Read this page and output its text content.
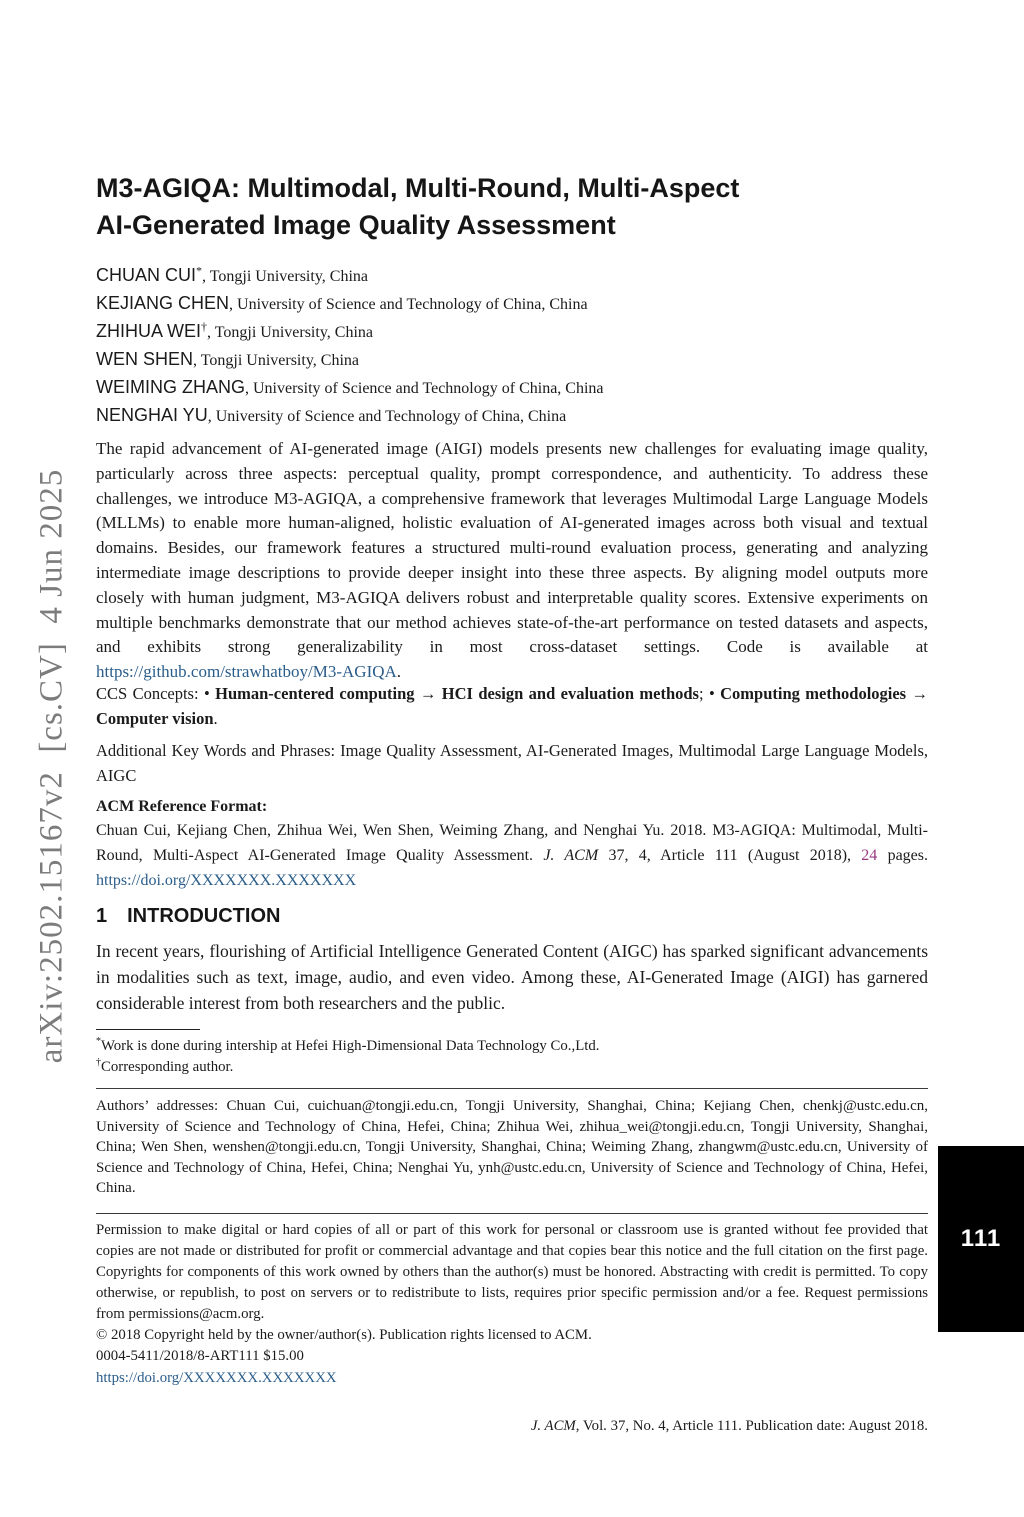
arXiv:2502.15167v2  [cs.CV]  4 Jun 2025
M3-AGIQA: Multimodal, Multi-Round, Multi-Aspect
AI-Generated Image Quality Assessment
CHUAN CUI*, Tongji University, China
KEJIANG CHEN, University of Science and Technology of China, China
ZHIHUA WEI†, Tongji University, China
WEN SHEN, Tongji University, China
WEIMING ZHANG, University of Science and Technology of China, China
NENGHAI YU, University of Science and Technology of China, China
The rapid advancement of AI-generated image (AIGI) models presents new challenges for evaluating image quality, particularly across three aspects: perceptual quality, prompt correspondence, and authenticity. To address these challenges, we introduce M3-AGIQA, a comprehensive framework that leverages Multimodal Large Language Models (MLLMs) to enable more human-aligned, holistic evaluation of AI-generated images across both visual and textual domains. Besides, our framework features a structured multi-round evaluation process, generating and analyzing intermediate image descriptions to provide deeper insight into these three aspects. By aligning model outputs more closely with human judgment, M3-AGIQA delivers robust and interpretable quality scores. Extensive experiments on multiple benchmarks demonstrate that our method achieves state-of-the-art performance on tested datasets and aspects, and exhibits strong generalizability in most cross-dataset settings. Code is available at https://github.com/strawhatboy/M3-AGIQA.
CCS Concepts: • Human-centered computing → HCI design and evaluation methods; • Computing methodologies → Computer vision.
Additional Key Words and Phrases: Image Quality Assessment, AI-Generated Images, Multimodal Large Language Models, AIGC
ACM Reference Format:
Chuan Cui, Kejiang Chen, Zhihua Wei, Wen Shen, Weiming Zhang, and Nenghai Yu. 2018. M3-AGIQA: Multimodal, Multi-Round, Multi-Aspect AI-Generated Image Quality Assessment. J. ACM 37, 4, Article 111 (August 2018), 24 pages. https://doi.org/XXXXXXX.XXXXXXX
1 INTRODUCTION
In recent years, flourishing of Artificial Intelligence Generated Content (AIGC) has sparked significant advancements in modalities such as text, image, audio, and even video. Among these, AI-Generated Image (AIGI) has garnered considerable interest from both researchers and the public.
*Work is done during intership at Hefei High-Dimensional Data Technology Co.,Ltd.
†Corresponding author.
Authors’ addresses: Chuan Cui, cuichuan@tongji.edu.cn, Tongji University, Shanghai, China; Kejiang Chen, chenkj@ustc.edu.cn, University of Science and Technology of China, Hefei, China; Zhihua Wei, zhihua_wei@tongji.edu.cn, Tongji University, Shanghai, China; Wen Shen, wenshen@tongji.edu.cn, Tongji University, Shanghai, China; Weiming Zhang, zhangwm@ustc.edu.cn, University of Science and Technology of China, Hefei, China; Nenghai Yu, ynh@ustc.edu.cn, University of Science and Technology of China, Hefei, China.
Permission to make digital or hard copies of all or part of this work for personal or classroom use is granted without fee provided that copies are not made or distributed for profit or commercial advantage and that copies bear this notice and the full citation on the first page. Copyrights for components of this work owned by others than the author(s) must be honored. Abstracting with credit is permitted. To copy otherwise, or republish, to post on servers or to redistribute to lists, requires prior specific permission and/or a fee. Request permissions from permissions@acm.org.
© 2018 Copyright held by the owner/author(s). Publication rights licensed to ACM.
0004-5411/2018/8-ART111 $15.00
https://doi.org/XXXXXXX.XXXXXXX
111
J. ACM, Vol. 37, No. 4, Article 111. Publication date: August 2018.
